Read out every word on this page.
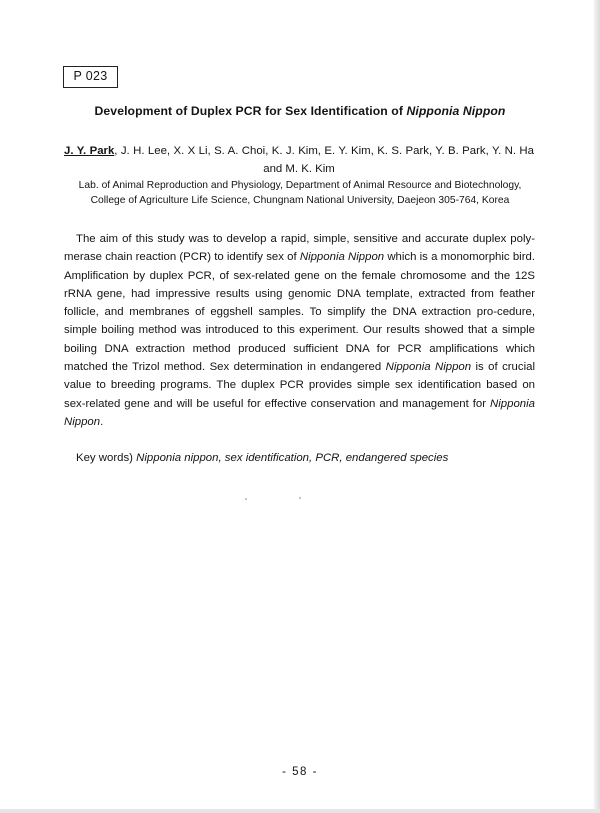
P 023
Development of Duplex PCR for Sex Identification of Nipponia Nippon
J. Y. Park, J. H. Lee, X. X Li, S. A. Choi, K. J. Kim, E. Y. Kim, K. S. Park, Y. B. Park, Y. N. Ha and M. K. Kim
Lab. of Animal Reproduction and Physiology, Department of Animal Resource and Biotechnology,
College of Agriculture Life Science, Chungnam National University, Daejeon 305-764, Korea
The aim of this study was to develop a rapid, simple, sensitive and accurate duplex poly-merase chain reaction (PCR) to identify sex of Nipponia Nippon which is a monomorphic bird. Amplification by duplex PCR, of sex-related gene on the female chromosome and the 12S rRNA gene, had impressive results using genomic DNA template, extracted from feather follicle, and membranes of eggshell samples. To simplify the DNA extraction pro-cedure, simple boiling method was introduced to this experiment. Our results showed that a simple boiling DNA extraction method produced sufficient DNA for PCR amplifications which matched the Trizol method. Sex determination in endangered Nipponia Nippon is of crucial value to breeding programs. The duplex PCR provides simple sex identification based on sex-related gene and will be useful for effective conservation and management for Nipponia Nippon.
Key words) Nipponia nippon, sex identification, PCR, endangered species
- 58 -
